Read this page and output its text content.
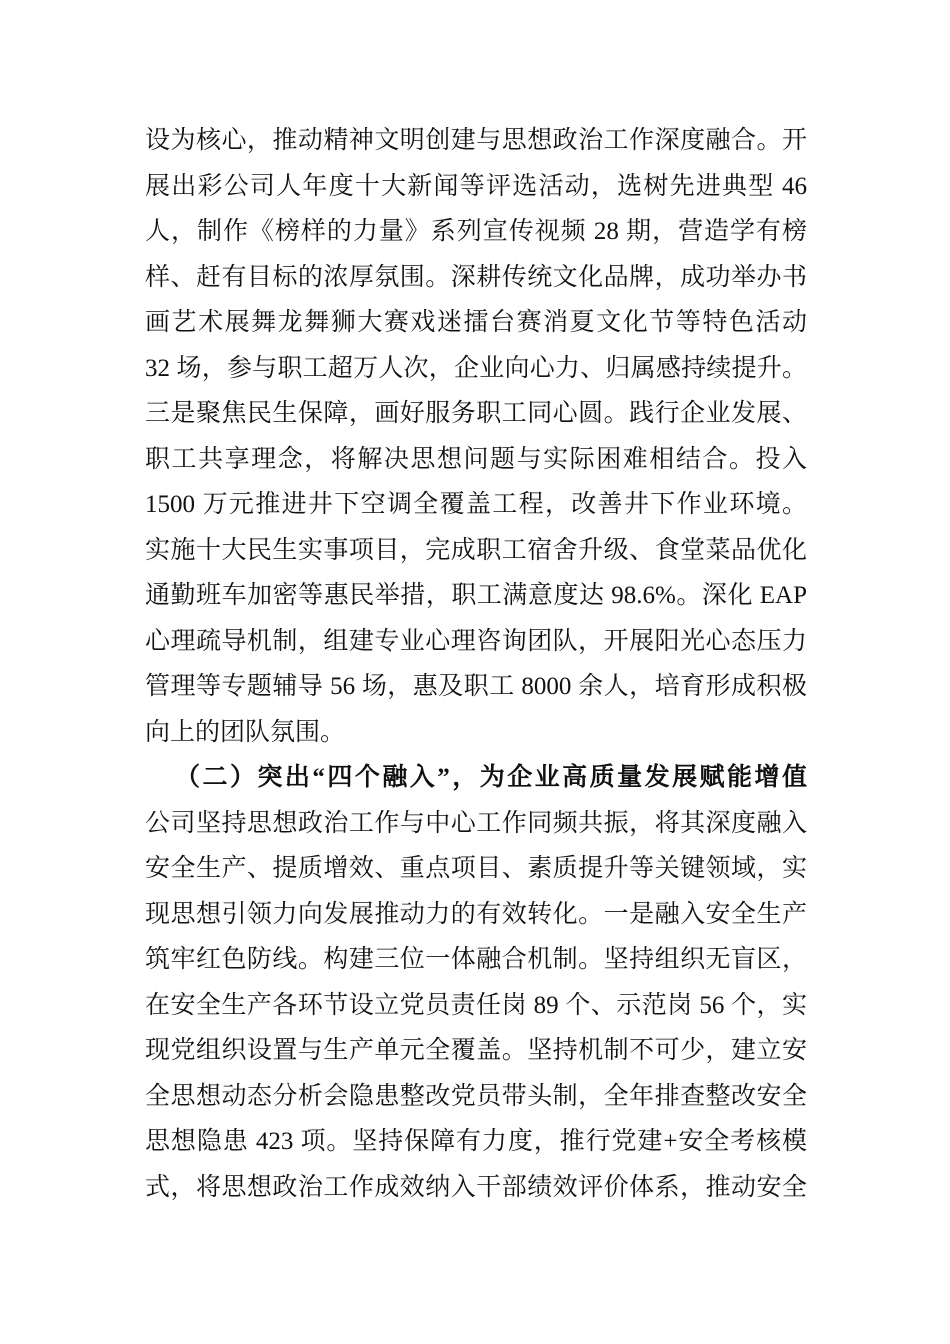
设为核心，推动精神文明创建与思想政治工作深度融合。开
展出彩公司人年度十大新闻等评选活动，选树先进典型 46
人，制作《榜样的力量》系列宣传视频 28 期，营造学有榜
样、赶有目标的浓厚氛围。深耕传统文化品牌，成功举办书
画艺术展舞龙舞狮大赛戏迷擂台赛消夏文化节等特色活动
32 场，参与职工超万人次，企业向心力、归属感持续提升。
三是聚焦民生保障，画好服务职工同心圆。践行企业发展、
职工共享理念，将解决思想问题与实际困难相结合。投入
1500 万元推进井下空调全覆盖工程，改善井下作业环境。
实施十大民生实事项目，完成职工宿舍升级、食堂菜品优化
通勤班车加密等惠民举措，职工满意度达 98.6%。深化 EAP
心理疏导机制，组建专业心理咨询团队，开展阳光心态压力
管理等专题辅导 56 场，惠及职工 8000 余人，培育形成积极
向上的团队氛围。
（二）突出“四个融入”，为企业高质量发展赋能增值
公司坚持思想政治工作与中心工作同频共振，将其深度融入
安全生产、提质增效、重点项目、素质提升等关键领域，实
现思想引领力向发展推动力的有效转化。一是融入安全生产
筑牢红色防线。构建三位一体融合机制。坚持组织无盲区，
在安全生产各环节设立党员责任岗 89 个、示范岗 56 个，实
现党组织设置与生产单元全覆盖。坚持机制不可少，建立安
全思想动态分析会隐患整改党员带头制，全年排查整改安全
思想隐患 423 项。坚持保障有力度，推行党建+安全考核模
式，将思想政治工作成效纳入干部绩效评价体系，推动安全
